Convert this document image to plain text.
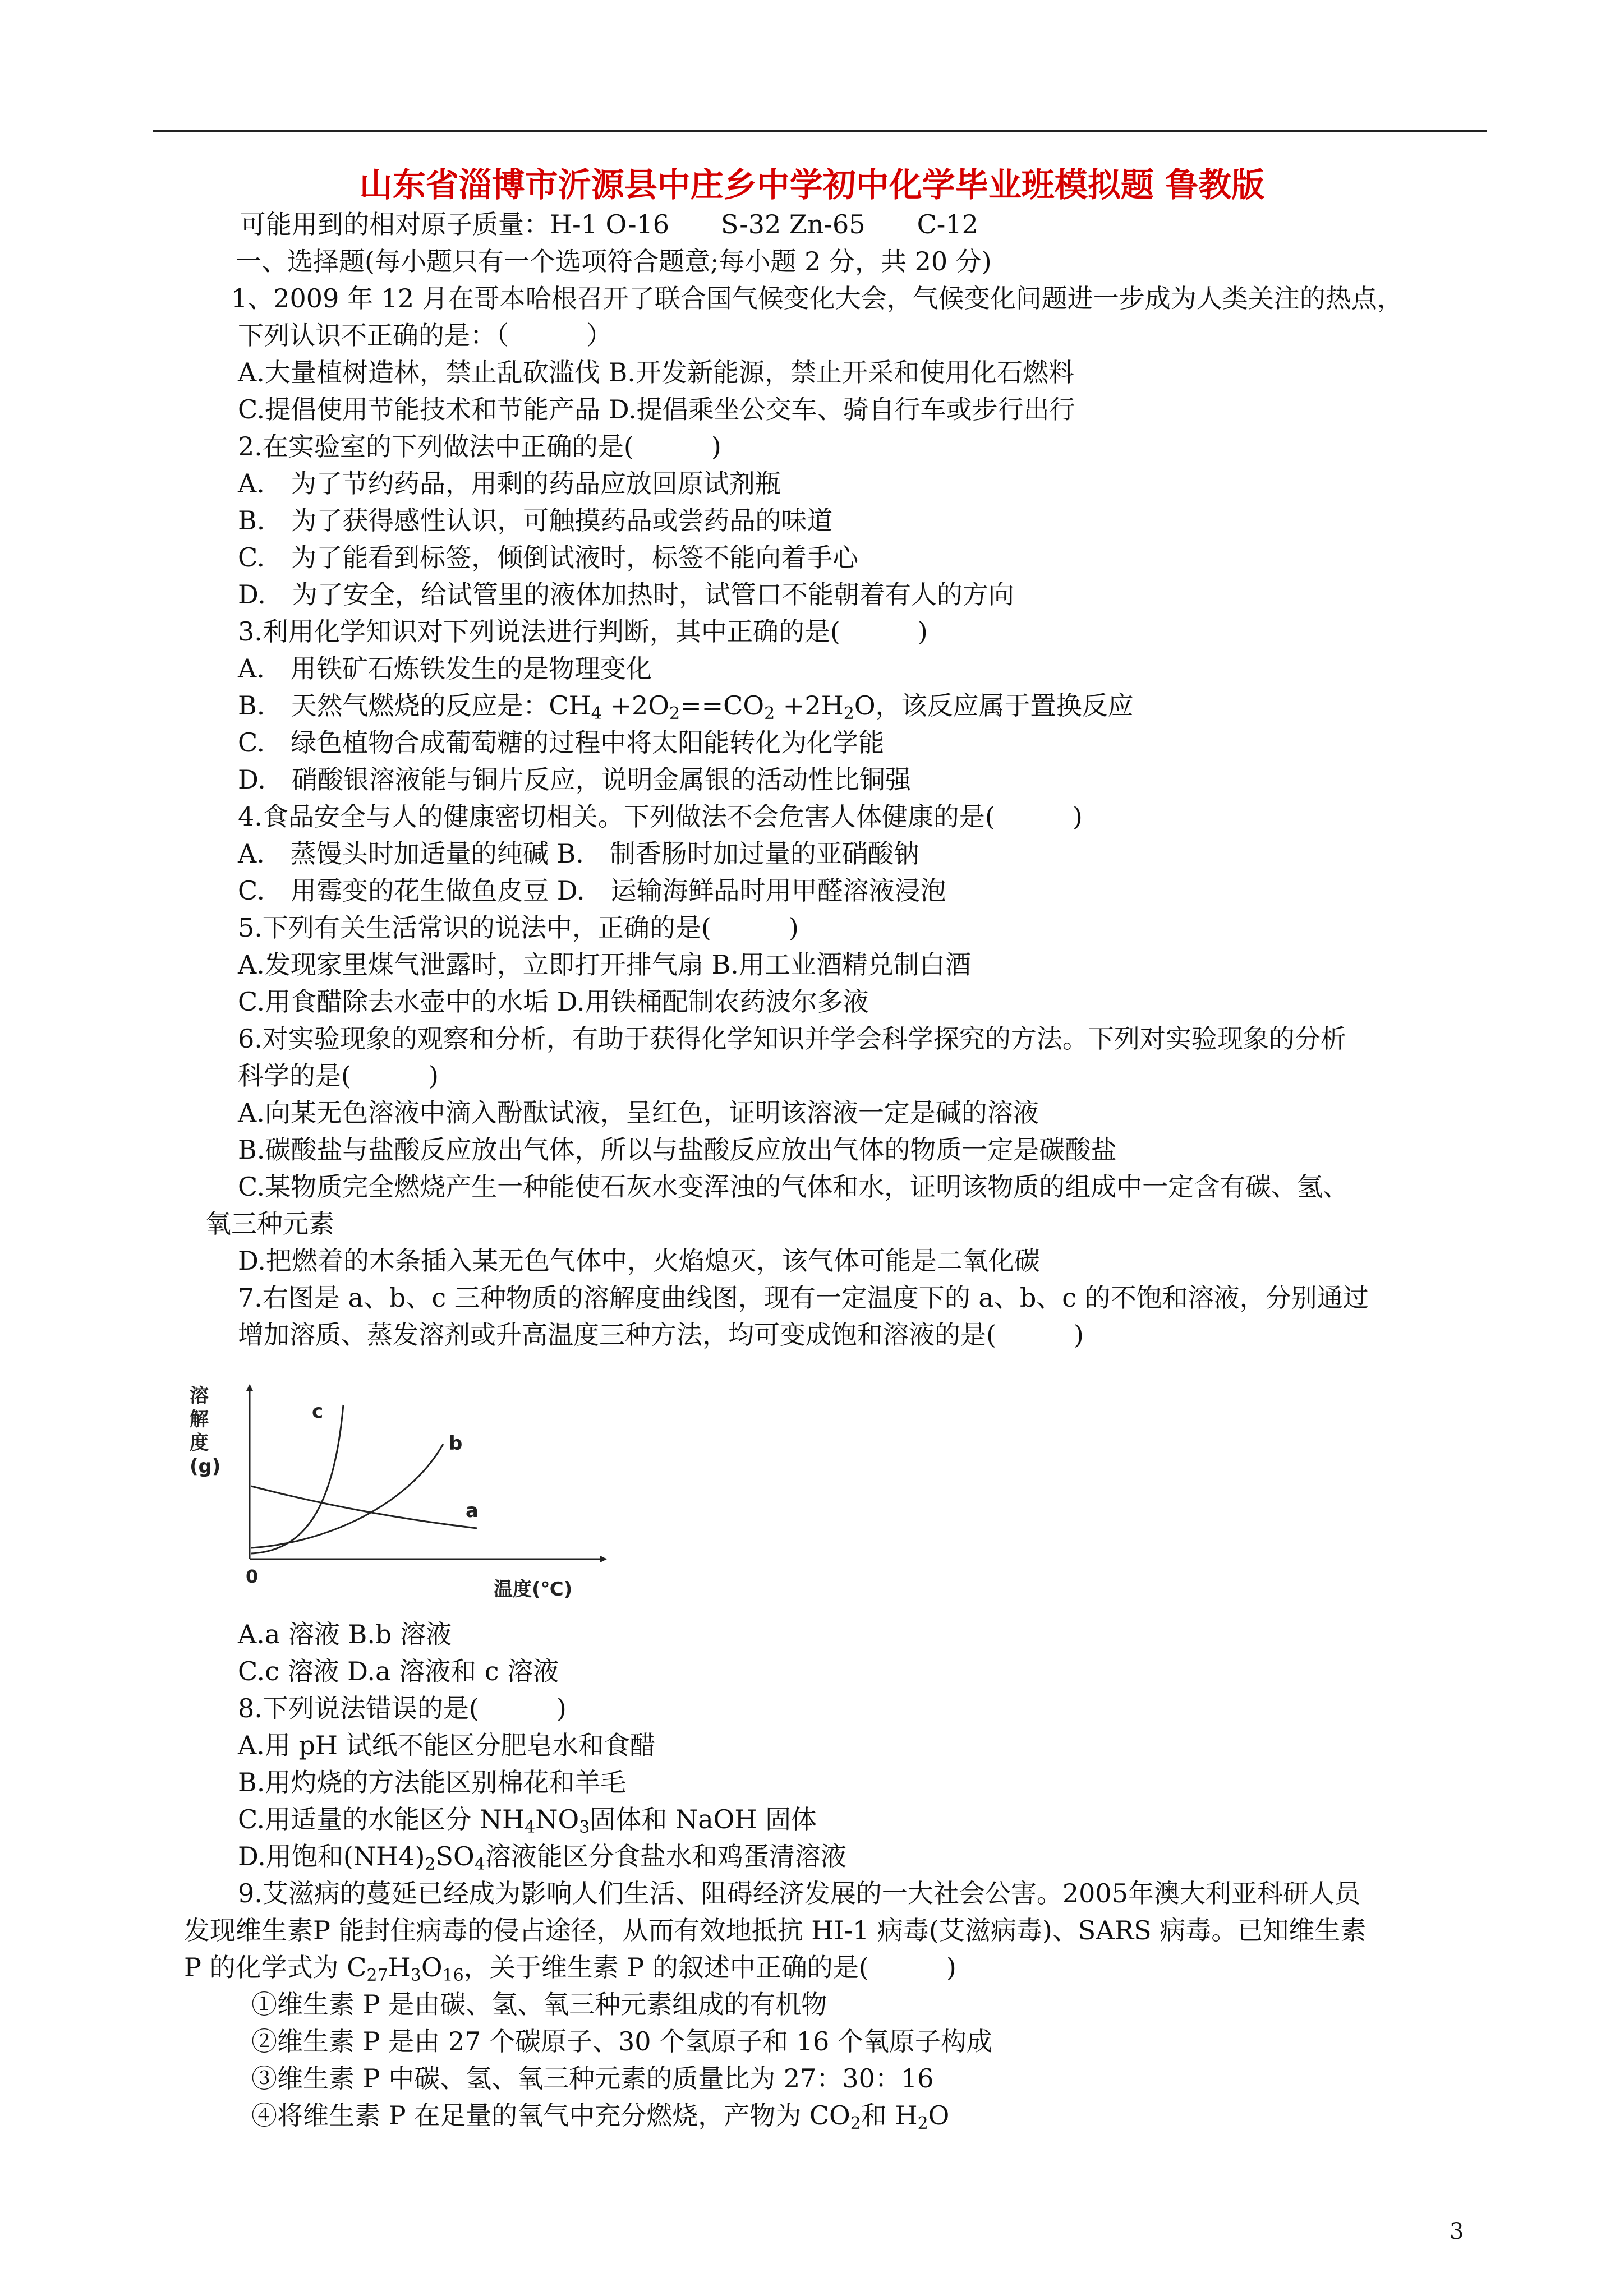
山东省淄博市沂源县中庄乡中学初中化学毕业班模拟题 鲁教版
可能用到的相对原子质量：H-1 O-16　　S-32 Zn-65　　C-12
一、选择题(每小题只有一个选项符合题意;每小题 2 分，共 20 分)
1、2009 年 12 月在哥本哈根召开了联合国气候变化大会，气候变化问题进一步成为人类关注的热点，
下列认识不正确的是：（　　　）
A.大量植树造林，禁止乱砍滥伐 B.开发新能源，禁止开采和使用化石燃料
C.提倡使用节能技术和节能产品 D.提倡乘坐公交车、骑自行车或步行出行
2.在实验室的下列做法中正确的是(　　　)
A.　为了节约药品，用剩的药品应放回原试剂瓶
B.　为了获得感性认识，可触摸药品或尝药品的味道
C.　为了能看到标签，倾倒试液时，标签不能向着手心
D.　为了安全，给试管里的液体加热时，试管口不能朝着有人的方向
3.利用化学知识对下列说法进行判断，其中正确的是(　　　)
A.　用铁矿石炼铁发生的是物理变化
B.　天然气燃烧的反应是：$CH_4 +2O_2==CO_2 +2H_2O$，该反应属于置换反应
C.　绿色植物合成葡萄糖的过程中将太阳能转化为化学能
D.　硝酸银溶液能与铜片反应，说明金属银的活动性比铜强
4.食品安全与人的健康密切相关。下列做法不会危害人体健康的是(　　　)
A.　蒸馒头时加适量的纯碱 B.　制香肠时加过量的亚硝酸钠
C.　用霉变的花生做鱼皮豆 D.　运输海鲜品时用甲醛溶液浸泡
5.下列有关生活常识的说法中，正确的是(　　　)
A.发现家里煤气泄露时，立即打开排气扇 B.用工业酒精兑制白酒
C.用食醋除去水壶中的水垢 D.用铁桶配制农药波尔多液
6.对实验现象的观察和分析，有助于获得化学知识并学会科学探究的方法。下列对实验现象的分析
科学的是(　　　)
A.向某无色溶液中滴入酚酞试液，呈红色，证明该溶液一定是碱的溶液
B.碳酸盐与盐酸反应放出气体，所以与盐酸反应放出气体的物质一定是碳酸盐
C.某物质完全燃烧产生一种能使石灰水变浑浊的气体和水，证明该物质的组成中一定含有碳、氢、
氧三种元素
D.把燃着的木条插入某无色气体中，火焰熄灭，该气体可能是二氧化碳
7.右图是 a、b、c 三种物质的溶解度曲线图，现有一定温度下的 a、b、c 的不饱和溶液，分别通过
增加溶质、蒸发溶剂或升高温度三种方法，均可变成饱和溶液的是(　　　)
溶解度(g)
0
温度(℃)
a
b
c
A.a 溶液 B.b 溶液
C.c 溶液 D.a 溶液和 c 溶液
8.下列说法错误的是(　　　)
A.用 pH 试纸不能区分肥皂水和食醋
B.用灼烧的方法能区别棉花和羊毛
C.用适量的水能区分 $NH_4NO_3$固体和 NaOH 固体
D.用饱和$(NH4)_2SO_4$溶液能区分食盐水和鸡蛋清溶液
9.艾滋病的蔓延已经成为影响人们生活、阻碍经济发展的一大社会公害。2005年澳大利亚科研人员
发现维生素P 能封住病毒的侵占途径，从而有效地抵抗 HI-1 病毒(艾滋病毒)、SARS 病毒。已知维生素
P 的化学式为 $C_{27}H_3O_{16}$，关于维生素 P 的叙述中正确的是(　　　)
①维生素 P 是由碳、氢、氧三种元素组成的有机物
②维生素 P 是由 27 个碳原子、30 个氢原子和 16 个氧原子构成
③维生素 P 中碳、氢、氧三种元素的质量比为 27：30：16
④将维生素 P 在足量的氧气中充分燃烧，产物为 $CO_2$和 $H_2O$
3
